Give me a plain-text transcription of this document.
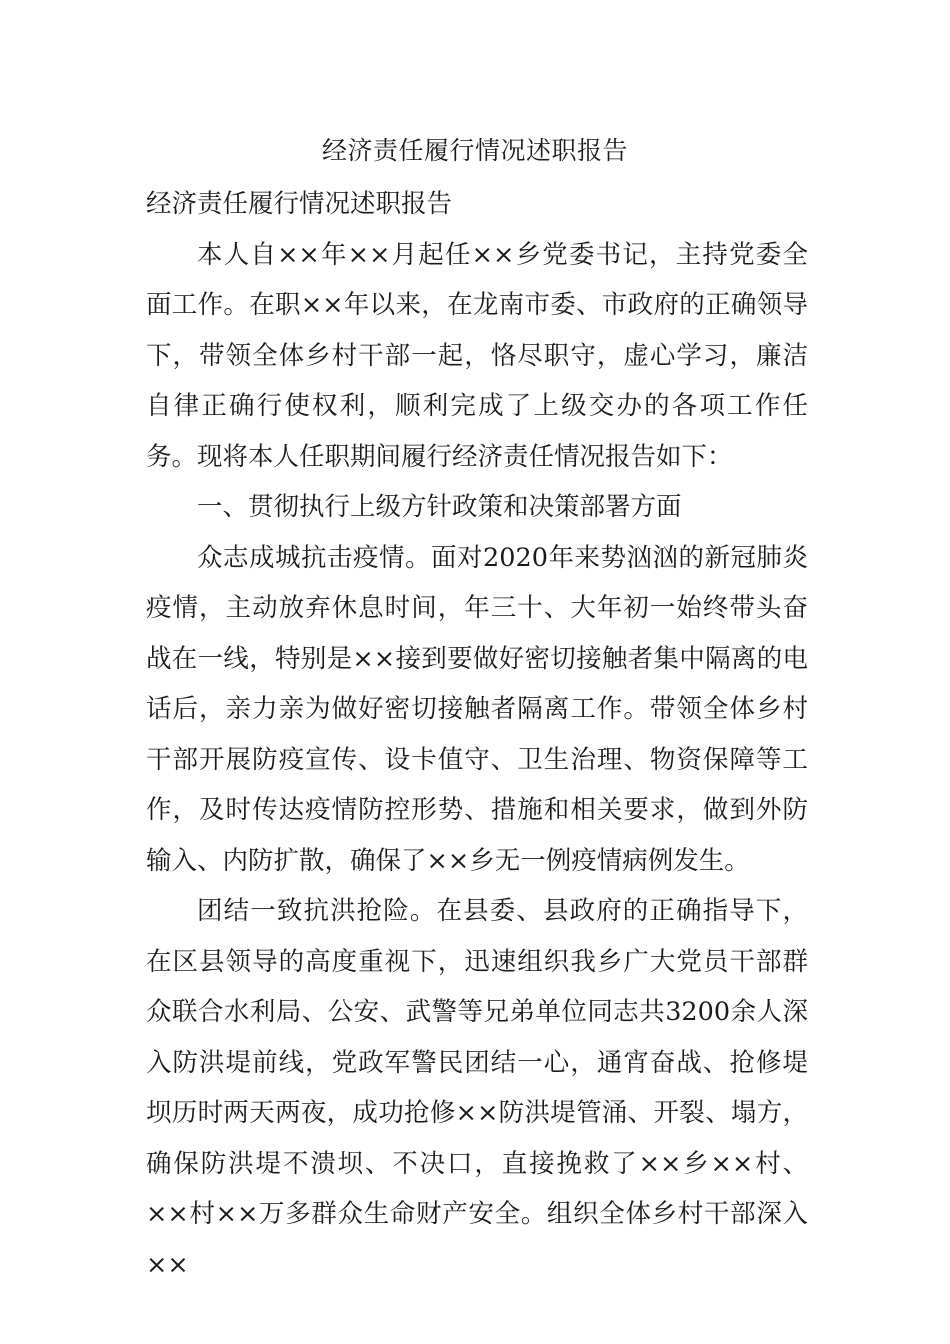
经济责任履行情况述职报告

经济责任履行情况述职报告

本人自××年××月起任××乡党委书记，主持党委全面工作。在职××年以来，在龙南市委、市政府的正确领导下，带领全体乡村干部一起，恪尽职守，虚心学习，廉洁自律正确行使权利，顺利完成了上级交办的各项工作任务。现将本人任职期间履行经济责任情况报告如下：

一、贯彻执行上级方针政策和决策部署方面

众志成城抗击疫情。面对2020年来势汹汹的新冠肺炎疫情，主动放弃休息时间，年三十、大年初一始终带头奋战在一线，特别是××接到要做好密切接触者集中隔离的电话后，亲力亲为做好密切接触者隔离工作。带领全体乡村干部开展防疫宣传、设卡值守、卫生治理、物资保障等工作，及时传达疫情防控形势、措施和相关要求，做到外防输入、内防扩散，确保了××乡无一例疫情病例发生。

团结一致抗洪抢险。在县委、县政府的正确指导下，在区县领导的高度重视下，迅速组织我乡广大党员干部群众联合水利局、公安、武警等兄弟单位同志共3200余人深入防洪堤前线，党政军警民团结一心，通宵奋战、抢修堤坝历时两天两夜，成功抢修××防洪堤管涌、开裂、塌方，确保防洪堤不溃坝、不决口，直接挽救了××乡××村、××村××万多群众生命财产安全。组织全体乡村干部深入××
